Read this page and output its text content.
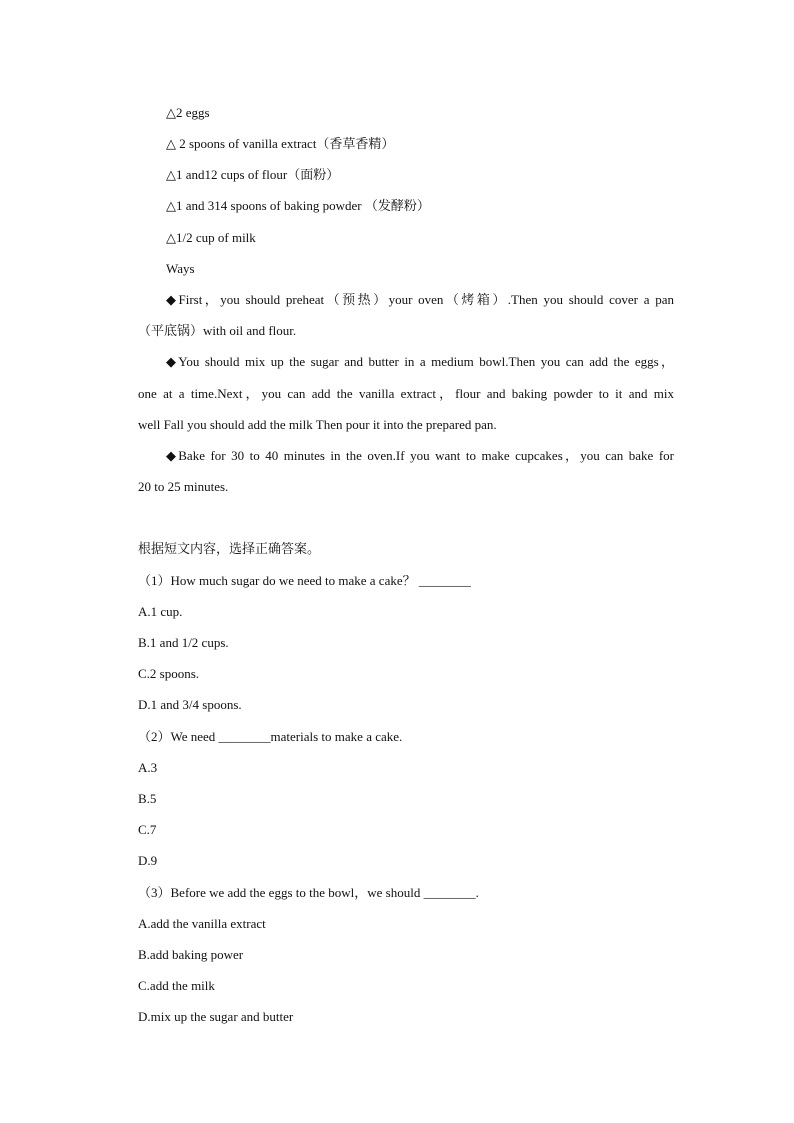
△2 eggs
△ 2 spoons of vanilla extract（香草香精）
△1 and12 cups of flour（面粉）
△1 and 314 spoons of baking powder （发酵粉）
△1/2 cup of milk
Ways
◆First，you should preheat（预热）your oven（烤箱）.Then you should cover a pan
（平底锅）with oil and flour.
◆You should mix up the sugar and butter in a medium bowl.Then you can add the eggs，
one at a time.Next，you can add the vanilla extract，flour and baking powder to it and mix
well Fall you should add the milk Then pour it into the prepared pan.
◆Bake for 30 to 40 minutes in the oven.If you want to make cupcakes，you can bake for
20 to 25 minutes.
根据短文内容，选择正确答案。
（1）How much sugar do we need to make a cake？ ________
A.1 cup.
B.1 and 1/2 cups.
C.2 spoons.
D.1 and 3/4 spoons.
（2）We need ________materials to make a cake.
A.3
B.5
C.7
D.9
（3）Before we add the eggs to the bowl，we should ________.
A.add the vanilla extract
B.add baking power
C.add the milk
D.mix up the sugar and butter
